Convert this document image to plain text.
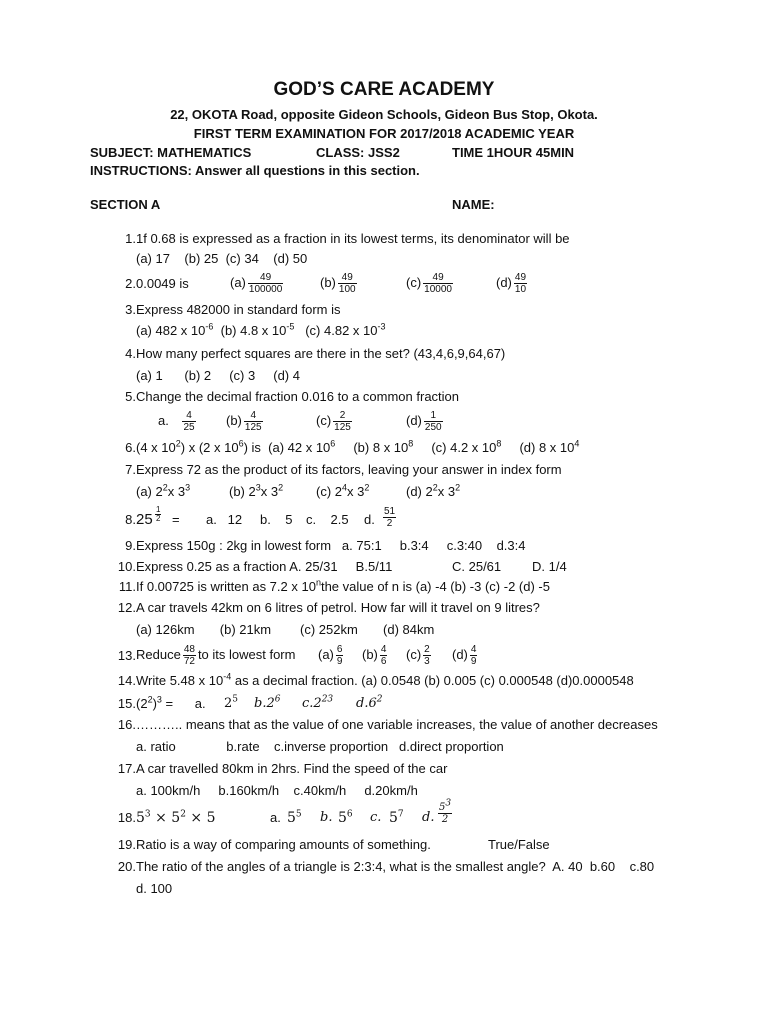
GOD’S CARE ACADEMY
22, OKOTA Road, opposite Gideon Schools, Gideon Bus Stop, Okota.
FIRST TERM EXAMINATION FOR 2017/2018 ACADEMIC YEAR
SUBJECT: MATHEMATICS	CLASS: JSS2	TIME 1HOUR 45MIN
INSTRUCTIONS: Answer all questions in this section.
SECTION A	NAME:
1. 1f 0.68 is expressed as a fraction in its lowest terms, its denominator will be
(a) 17    (b) 25  (c) 34    (d) 50
2. 0.0049 is	$(a) \frac{49}{100000}$	$(b) \frac{49}{100}$	$(c) \frac{49}{10000}$	$(d) \frac{49}{10}$
3. Express 482000 in standard form is
(a) 482 x $10^{-6}$  (b) 4.8 x $10^{-5}$   (c) 4.82 x $10^{-3}$
4. How many perfect squares are there in the set? (43,4,6,9,64,67)
(a) 1      (b) 2     (c) 3     (d) 4
5. Change the decimal fraction 0.016 to a common fraction
a. $\frac{4}{25} (b) \frac{4}{125}$	$(c) \frac{2}{125}$	$(d) \frac{1}{250}$
6. (4 x $10^2$) x (2 x $10^6$) is  (a) 42 x $10^6$     (b) 8 x $10^8$     (c) 4.2 x $10^8$     (d) 8 x $10^4$
7. Express 72 as the product of its factors, leaving your answer in index form
(a) $2^2x$ $3^3$	(b) $2^3x$ $3^2$	(c) $2^4x$ $3^2$	(d) $2^2x$ $3^2$
8. $25 \frac{1}{2} = a$.   12 b.    5 c.    2.5 d. $\frac{51}{2}$
9. Express 150g : 2kg in lowest form   a. 75:1     b.3:4     c.3:40    d.3:4
10. Express 0.25 as a fraction A. 25/31     B.5/11	C. 25/61 D. 1/4
11. If 0.00725 is written as 7.2 x 10$^n$the value of n is (a) -4 (b) -3 (c) -2 (d) -5
12. A car travels 42km on 6 litres of petrol. How far will it travel on 9 litres?
(a) 126km       (b) 21km        (c) 252km       (d) 84km
13. Reduce $\frac{48}{72}$ to its lowest form $(a) \frac{6}{9} (b) \frac{4}{6} (c) \frac{2}{3} (d) \frac{4}{9}$
14. Write 5.48 x $10^{-4}$ as a decimal fraction. (a) 0.0548 (b) 0.005 (c) 0.000548 (d)0.0000548
15. $(2^2)^3$ =      a. $2^5$ $b.2^6$ $c.2^{23}$ $d.6^2$
16. ……….. means that as the value of one variable increases, the value of another decreases
a. ratio              b.rate    c.inverse proportion   d.direct proportion
17. A car travelled 80km in 2hrs. Find the speed of the car
a. 100km/h     b.160km/h    c.40km/h     d.20km/h
18. $5^3 \times 5^2 \times 5$	a. $5^5$ b. $5^6$ c. $5^7$ d. $\frac{5^3}{2}$
19. Ratio is a way of comparing amounts of something.	True/False
20. The ratio of the angles of a triangle is 2:3:4, what is the smallest angle?  A. 40  b.60    c.80
d. 100
